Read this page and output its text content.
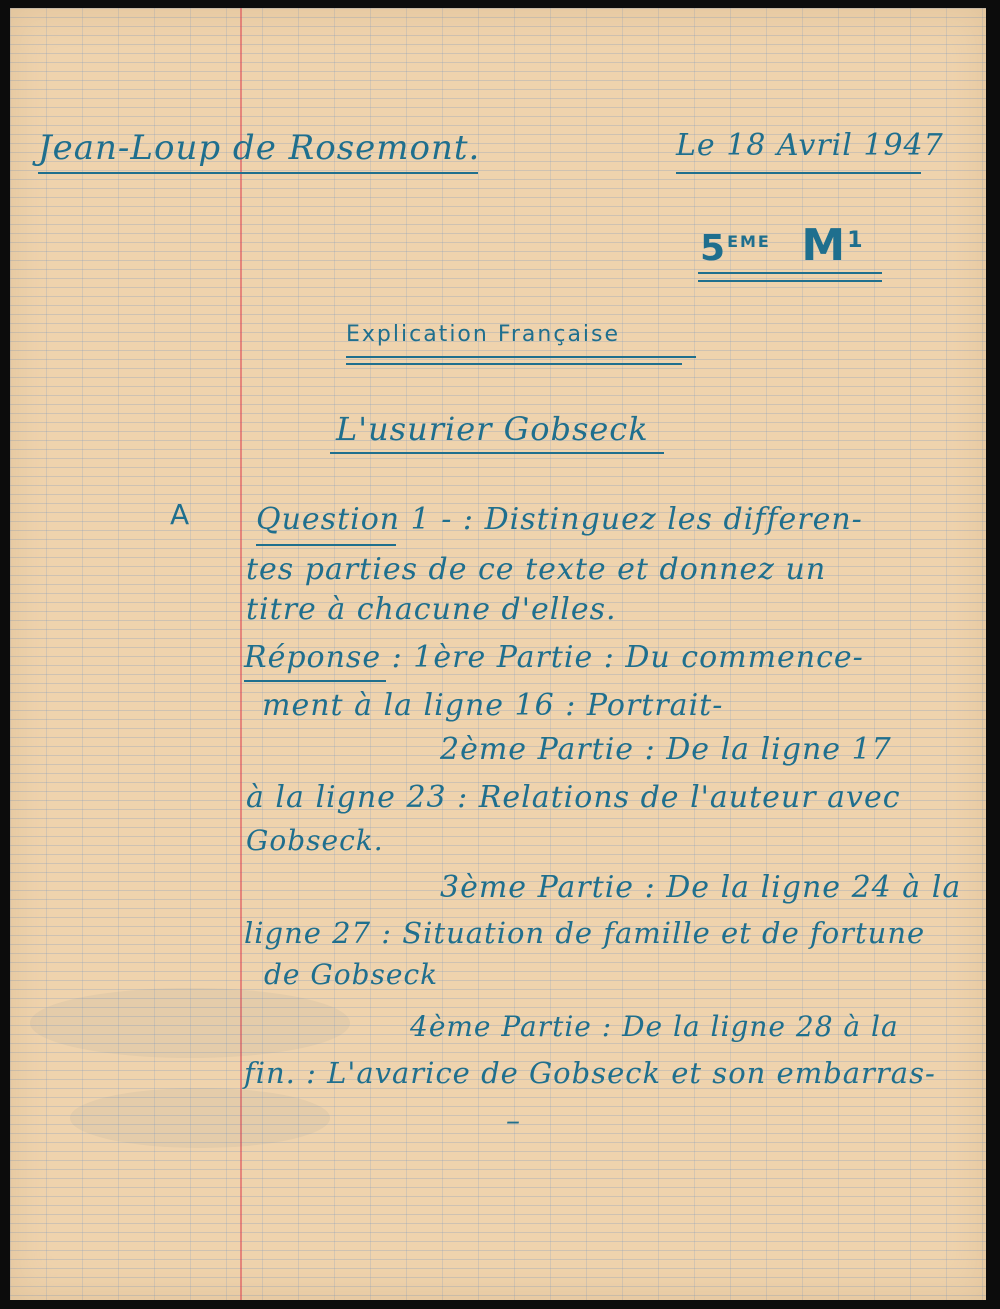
Jean-Loup de Rosemont.	Le 18 Avril 1947
5EME $M^1$
Explication Française
L'usurier Gobseck
A Question 1 - : Distinguez les differen-
tes parties de ce texte et donnez un
titre à chacune d'elles.
Réponse : 1ère Partie : Du commence-
ment à la ligne 16 : Portrait-
2ème Partie : De la ligne 17
à la ligne 23 : Relations de l'auteur avec
Gobseck.
3ème Partie : De la ligne 24 à la
ligne 27 : Situation de famille et de fortune
de Gobseck
4ème Partie : De la ligne 28 à la
fin. : L'avarice de Gobseck et son embarras-
–
